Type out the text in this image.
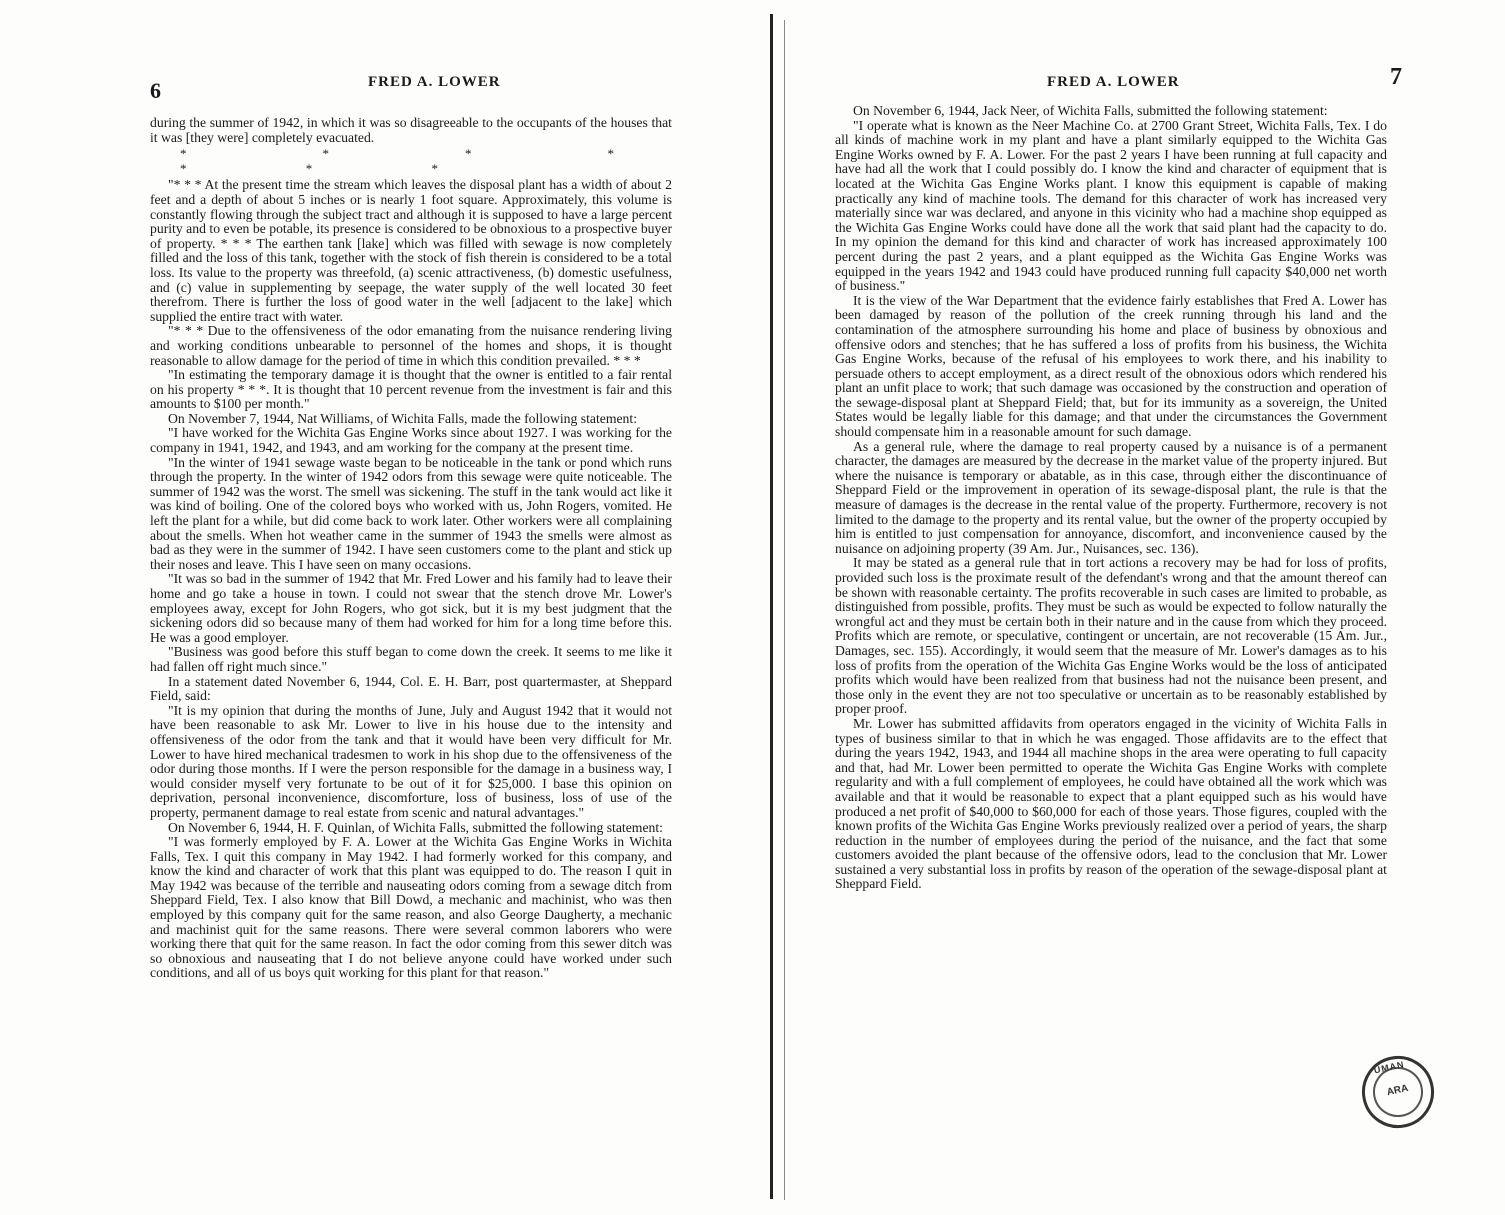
6	FRED A. LOWER

during the summer of 1942, in which it was so disagreeable to the occupants of the houses that it was [they were] completely evacuated.

* * * * * * *

"* * * At the present time the stream which leaves the disposal plant has a width of about 2 feet and a depth of about 5 inches or is nearly 1 foot square. Approximately, this volume is constantly flowing through the subject tract and although it is supposed to have a large percent purity and to even be potable, its presence is considered to be obnoxious to a prospective buyer of property. * * * The earthen tank [lake] which was filled with sewage is now completely filled and the loss of this tank, together with the stock of fish therein is considered to be a total loss. Its value to the property was threefold, (a) scenic attractiveness, (b) domestic usefulness, and (c) value in supplementing by seepage, the water supply of the well located 30 feet therefrom. There is further the loss of good water in the well [adjacent to the lake] which supplied the entire tract with water.

"* * * Due to the offensiveness of the odor emanating from the nuisance rendering living and working conditions unbearable to personnel of the homes and shops, it is thought reasonable to allow damage for the period of time in which this condition prevailed. * * *

"In estimating the temporary damage it is thought that the owner is entitled to a fair rental on his property * * *. It is thought that 10 percent revenue from the investment is fair and this amounts to $100 per month."

On November 7, 1944, Nat Williams, of Wichita Falls, made the following statement:

"I have worked for the Wichita Gas Engine Works since about 1927. I was working for the company in 1941, 1942, and 1943, and am working for the company at the present time.

"In the winter of 1941 sewage waste began to be noticeable in the tank or pond which runs through the property. In the winter of 1942 odors from this sewage were quite noticeable. The summer of 1942 was the worst. The smell was sickening. The stuff in the tank would act like it was kind of boiling. One of the colored boys who worked with us, John Rogers, vomited. He left the plant for a while, but did come back to work later. Other workers were all complaining about the smells. When hot weather came in the summer of 1943 the smells were almost as bad as they were in the summer of 1942. I have seen customers come to the plant and stick up their noses and leave. This I have seen on many occasions.

"It was so bad in the summer of 1942 that Mr. Fred Lower and his family had to leave their home and go take a house in town. I could not swear that the stench drove Mr. Lower's employees away, except for John Rogers, who got sick, but it is my best judgment that the sickening odors did so because many of them had worked for him for a long time before this. He was a good employer.

"Business was good before this stuff began to come down the creek. It seems to me like it had fallen off right much since."

In a statement dated November 6, 1944, Col. E. H. Barr, post quartermaster, at Sheppard Field, said:

"It is my opinion that during the months of June, July and August 1942 that it would not have been reasonable to ask Mr. Lower to live in his house due to the intensity and offensiveness of the odor from the tank and that it would have been very difficult for Mr. Lower to have hired mechanical tradesmen to work in his shop due to the offensiveness of the odor during those months. If I were the person responsible for the damage in a business way, I would consider myself very fortunate to be out of it for $25,000. I base this opinion on deprivation, personal inconvenience, discomforture, loss of business, loss of use of the property, permanent damage to real estate from scenic and natural advantages."

On November 6, 1944, H. F. Quinlan, of Wichita Falls, submitted the following statement:

"I was formerly employed by F. A. Lower at the Wichita Gas Engine Works in Wichita Falls, Tex. I quit this company in May 1942. I had formerly worked for this company, and know the kind and character of work that this plant was equipped to do. The reason I quit in May 1942 was because of the terrible and nauseating odors coming from a sewage ditch from Sheppard Field, Tex. I also know that Bill Dowd, a mechanic and machinist, who was then employed by this company quit for the same reason, and also George Daugherty, a mechanic and machinist quit for the same reasons. There were several common laborers who were working there that quit for the same reason. In fact the odor coming from this sewer ditch was so obnoxious and nauseating that I do not believe anyone could have worked under such conditions, and all of us boys quit working for this plant for that reason."

FRED A. LOWER	7

On November 6, 1944, Jack Neer, of Wichita Falls, submitted the following statement:

"I operate what is known as the Neer Machine Co. at 2700 Grant Street, Wichita Falls, Tex. I do all kinds of machine work in my plant and have a plant similarly equipped to the Wichita Gas Engine Works owned by F. A. Lower. For the past 2 years I have been running at full capacity and have had all the work that I could possibly do. I know the kind and character of equipment that is located at the Wichita Gas Engine Works plant. I know this equipment is capable of making practically any kind of machine tools. The demand for this character of work has increased very materially since war was declared, and anyone in this vicinity who had a machine shop equipped as the Wichita Gas Engine Works could have done all the work that said plant had the capacity to do. In my opinion the demand for this kind and character of work has increased approximately 100 percent during the past 2 years, and a plant equipped as the Wichita Gas Engine Works was equipped in the years 1942 and 1943 could have produced running full capacity $40,000 net worth of business."

It is the view of the War Department that the evidence fairly establishes that Fred A. Lower has been damaged by reason of the pollution of the creek running through his land and the contamination of the atmosphere surrounding his home and place of business by obnoxious and offensive odors and stenches; that he has suffered a loss of profits from his business, the Wichita Gas Engine Works, because of the refusal of his employees to work there, and his inability to persuade others to accept employment, as a direct result of the obnoxious odors which rendered his plant an unfit place to work; that such damage was occasioned by the construction and operation of the sewage-disposal plant at Sheppard Field; that, but for its immunity as a sovereign, the United States would be legally liable for this damage; and that under the circumstances the Government should compensate him in a reasonable amount for such damage.

As a general rule, where the damage to real property caused by a nuisance is of a permanent character, the damages are measured by the decrease in the market value of the property injured. But where the nuisance is temporary or abatable, as in this case, through either the discontinuance of Sheppard Field or the improvement in operation of its sewage-disposal plant, the rule is that the measure of damages is the decrease in the rental value of the property. Furthermore, recovery is not limited to the damage to the property and its rental value, but the owner of the property occupied by him is entitled to just compensation for annoyance, discomfort, and inconvenience caused by the nuisance on adjoining property (39 Am. Jur., Nuisances, sec. 136).

It may be stated as a general rule that in tort actions a recovery may be had for loss of profits, provided such loss is the proximate result of the defendant's wrong and that the amount thereof can be shown with reasonable certainty. The profits recoverable in such cases are limited to probable, as distinguished from possible, profits. They must be such as would be expected to follow naturally the wrongful act and they must be certain both in their nature and in the cause from which they proceed. Profits which are remote, or speculative, contingent or uncertain, are not recoverable (15 Am. Jur., Damages, sec. 155). Accordingly, it would seem that the measure of Mr. Lower's damages as to his loss of profits from the operation of the Wichita Gas Engine Works would be the loss of anticipated profits which would have been realized from that business had not the nuisance been present, and those only in the event they are not too speculative or uncertain as to be reasonably established by proper proof.

Mr. Lower has submitted affidavits from operators engaged in the vicinity of Wichita Falls in types of business similar to that in which he was engaged. Those affidavits are to the effect that during the years 1942, 1943, and 1944 all machine shops in the area were operating to full capacity and that, had Mr. Lower been permitted to operate the Wichita Gas Engine Works with complete regularity and with a full complement of employees, he could have obtained all the work which was available and that it would be reasonable to expect that a plant equipped such as his would have produced a net profit of $40,000 to $60,000 for each of those years. Those figures, coupled with the known profits of the Wichita Gas Engine Works previously realized over a period of years, the sharp reduction in the number of employees during the period of the nuisance, and the fact that some customers avoided the plant because of the offensive odors, lead to the conclusion that Mr. Lower sustained a very substantial loss in profits by reason of the operation of the sewage-disposal plant at Sheppard Field.

UMAN
ARA
